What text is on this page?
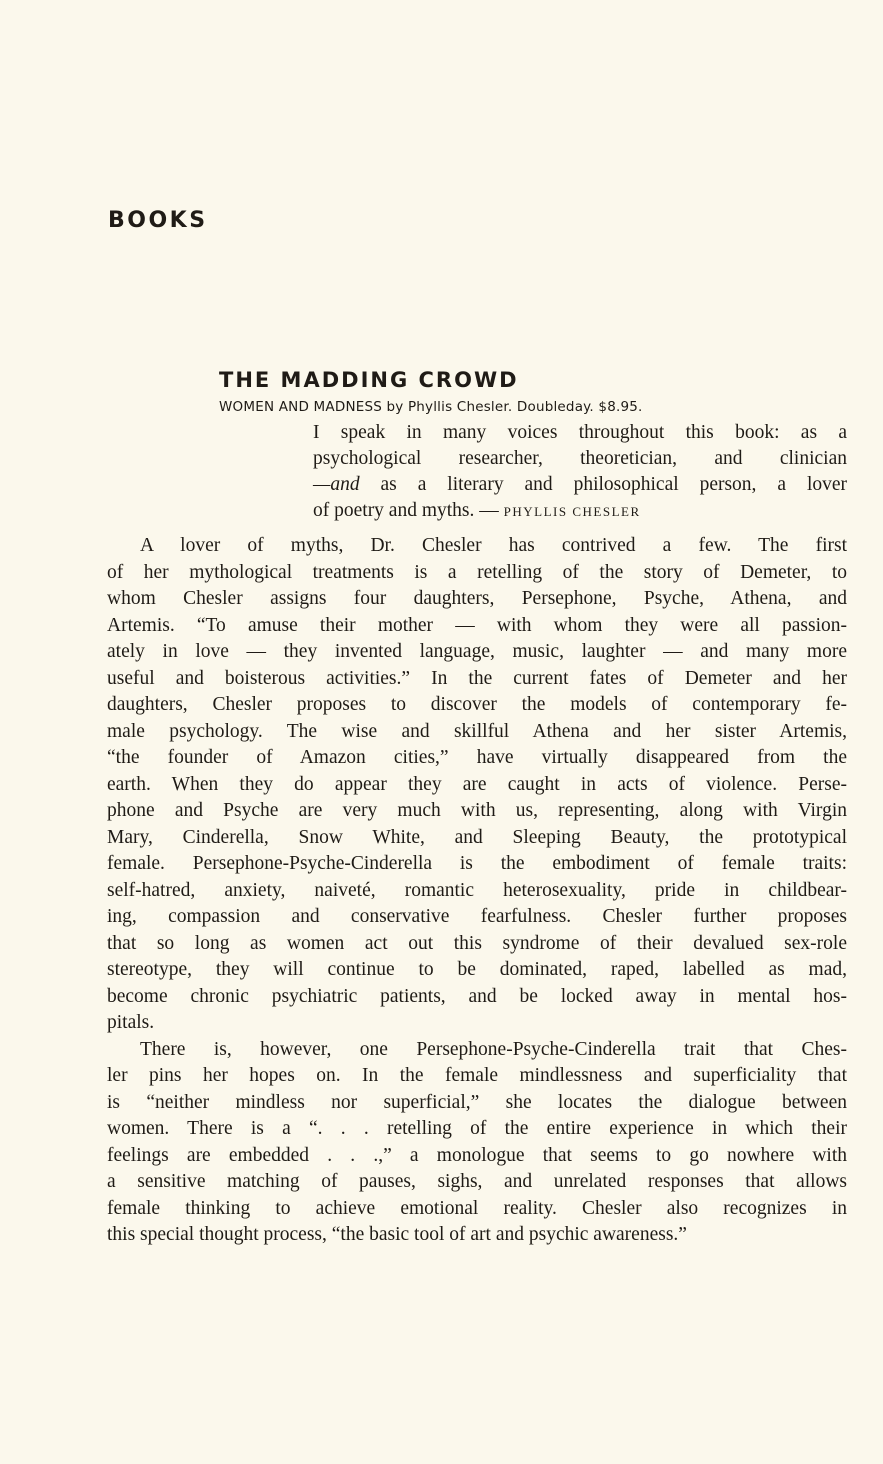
BOOKS
THE MADDING CROWD
WOMEN AND MADNESS by Phyllis Chesler. Doubleday. $8.95.
I speak in many voices throughout this book: as a
psychological researcher, theoretician, and clinician
—and as a literary and philosophical person, a lover
of poetry and myths. — PHYLLIS CHESLER
A lover of myths, Dr. Chesler has contrived a few. The first
of her mythological treatments is a retelling of the story of Demeter, to
whom Chesler assigns four daughters, Persephone, Psyche, Athena, and
Artemis. “To amuse their mother — with whom they were all passion-
ately in love — they invented language, music, laughter — and many more
useful and boisterous activities.” In the current fates of Demeter and her
daughters, Chesler proposes to discover the models of contemporary fe-
male psychology. The wise and skillful Athena and her sister Artemis,
“the founder of Amazon cities,” have virtually disappeared from the
earth. When they do appear they are caught in acts of violence. Perse-
phone and Psyche are very much with us, representing, along with Virgin
Mary, Cinderella, Snow White, and Sleeping Beauty, the prototypical
female. Persephone-Psyche-Cinderella is the embodiment of female traits:
self-hatred, anxiety, naiveté, romantic heterosexuality, pride in childbear-
ing, compassion and conservative fearfulness. Chesler further proposes
that so long as women act out this syndrome of their devalued sex-role
stereotype, they will continue to be dominated, raped, labelled as mad,
become chronic psychiatric patients, and be locked away in mental hos-
pitals.
There is, however, one Persephone-Psyche-Cinderella trait that Ches-
ler pins her hopes on. In the female mindlessness and superficiality that
is “neither mindless nor superficial,” she locates the dialogue between
women. There is a “. . . retelling of the entire experience in which their
feelings are embedded . . .,” a monologue that seems to go nowhere with
a sensitive matching of pauses, sighs, and unrelated responses that allows
female thinking to achieve emotional reality. Chesler also recognizes in
this special thought process, “the basic tool of art and psychic awareness.”
